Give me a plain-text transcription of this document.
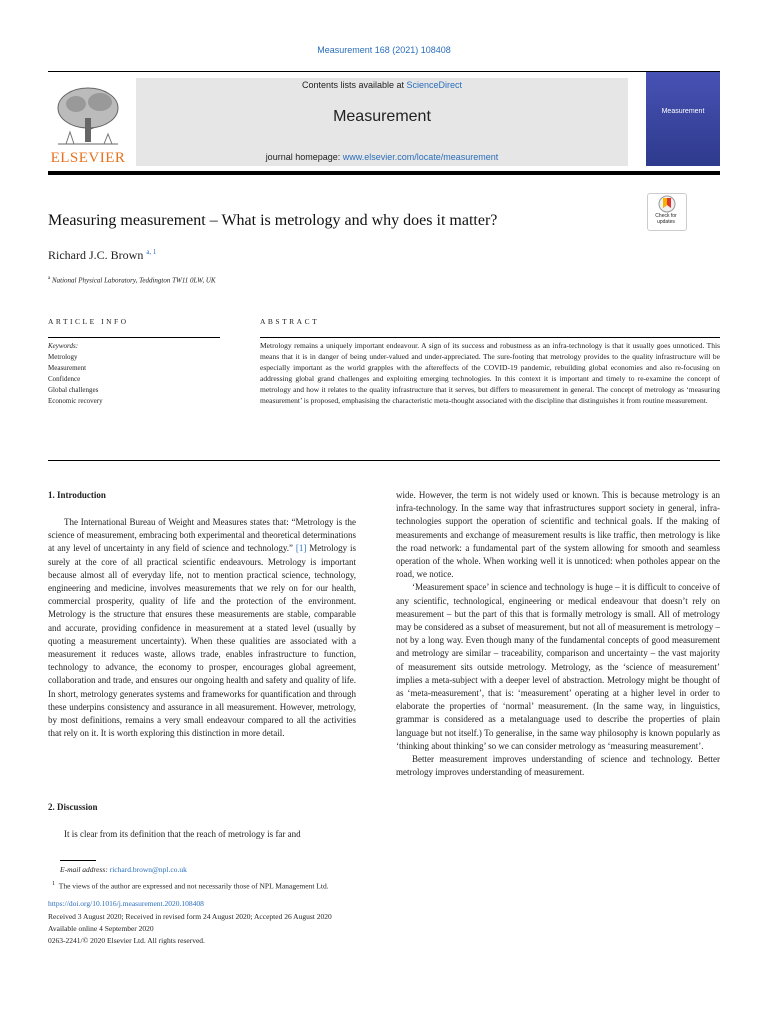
Measurement 168 (2021) 108408
ELSEVIER
Contents lists available at ScienceDirect
Measurement
journal homepage: www.elsevier.com/locate/measurement
Measurement
Measuring measurement – What is metrology and why does it matter?	Check for updates
Richard J.C. Brown $^{a, 1}$
$^a$ National Physical Laboratory, Teddington TW11 0LW, UK
ARTICLE INFO
Keywords:
Metrology
Measurement
Confidence
Global challenges
Economic recovery
ABSTRACT
Metrology remains a uniquely important endeavour. A sign of its success and robustness as an infra-technology is that it usually goes unnoticed. This means that it is in danger of being under-valued and under-appreciated. The sure-footing that metrology provides to the quality infrastructure will be especially important as the world grapples with the aftereffects of the COVID-19 pandemic, rebuilding global economies and also re-focusing on addressing global grand challenges and exploiting emerging technologies. In this context it is important and timely to re-examine the concept of metrology and how it relates to the quality infrastructure that it serves, but differs to measurement in general. The concept of metrology as ‘measuring measurement’ is proposed, emphasising the characteristic meta-thought associated with the discipline that distinguishes it from routine measurement.
1. Introduction

The International Bureau of Weight and Measures states that: “Metrology is the science of measurement, embracing both experimental and theoretical determinations at any level of uncertainty in any field of science and technology.” [1] Metrology is surely at the core of all practical scientific endeavours. Metrology is important because almost all of everyday life, not to mention practical science, technology, engineering and medicine, involves measurements that we rely on for our health, commercial prosperity, quality of life and the protection of the environment. Metrology is the structure that ensures these measurements are stable, comparable and accurate, providing confidence in measurement at a stated level (usually by quoting a measurement uncertainty). When these qualities are associated with a measurement it reduces waste, allows trade, enables infrastructure to function, technology to advance, the economy to prosper, encourages global agreement, collaboration and trade, and ensures our ongoing health and safety and quality of life. In short, metrology generates systems and frameworks for quantification and through these underpins consistency and assurance in all measurement. However, metrology, by most definitions, remains a very small endeavour compared to all the activities that rely on it. It is worth exploring this distinction in more detail.

2. Discussion

It is clear from its definition that the reach of metrology is far and

wide. However, the term is not widely used or known. This is because metrology is an infra-technology. In the same way that infrastructures support society in general, infra-technologies support the operation of scientific and technical goals. If the making of measurements and exchange of measurement results is like traffic, then metrology is like the road network: a fundamental part of the system allowing for smooth and seamless operation of the whole. When working well it is unnoticed: when potholes appear on the road, we notice.

‘Measurement space’ in science and technology is huge – it is difficult to conceive of any scientific, technological, engineering or medical endeavour that doesn’t rely on measurement – but the part of this that is formally metrology is small. All of metrology may be considered as a subset of measurement, but not all of measurement is metrology – not by a long way. Even though many of the fundamental concepts of good measurement and metrology are similar – traceability, comparison and uncertainty – the vast majority of measurement sits outside metrology. Metrology, as the ‘science of measurement’ implies a meta-subject with a deeper level of abstraction. Metrology might be thought of as ‘meta-measurement’, that is: ‘measurement’ operating at a higher level in order to elaborate the properties of ‘normal’ measurement. (In the same way, in linguistics, grammar is considered as a metalanguage used to describe the properties of plain language but not itself.) To generalise, in the same way philosophy is known popularly as ‘thinking about thinking’ so we can consider metrology as ‘measuring measurement’.

Better measurement improves understanding of science and technology. Better metrology improves understanding of measurement.

E-mail address: richard.brown@npl.co.uk
$^1$ The views of the author are expressed and not necessarily those of NPL Management Ltd.
https://doi.org/10.1016/j.measurement.2020.108408
Received 3 August 2020; Received in revised form 24 August 2020; Accepted 26 August 2020
Available online 4 September 2020
0263-2241/© 2020 Elsevier Ltd. All rights reserved.
